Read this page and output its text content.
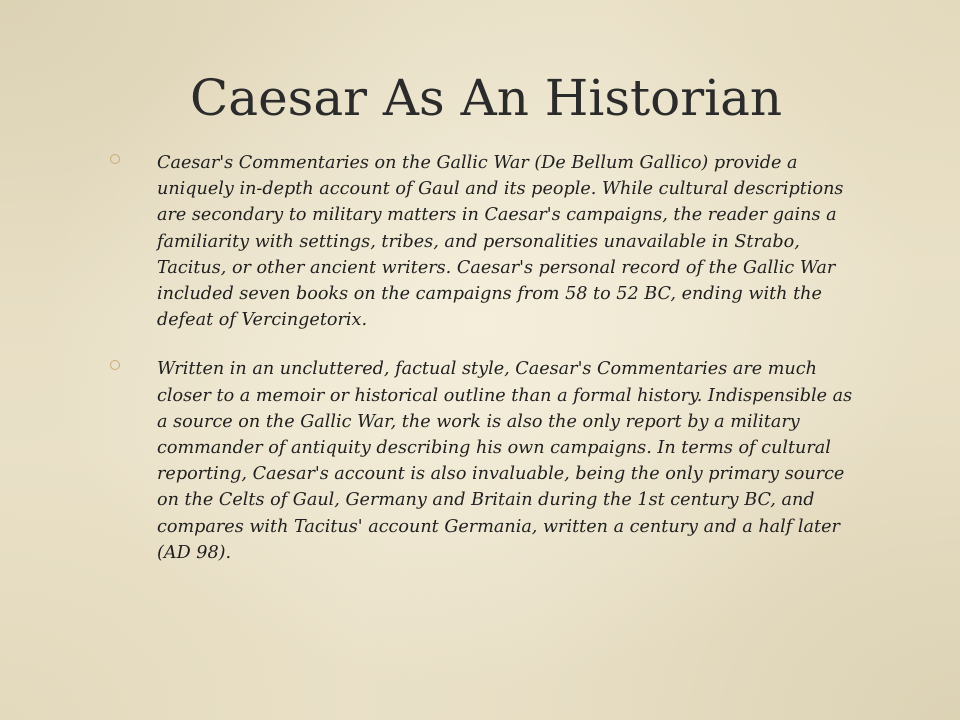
Caesar As An Historian

Caesar's Commentaries on the Gallic War (De Bellum Gallico) provide a uniquely in-depth account of Gaul and its people. While cultural descriptions are secondary to military matters in Caesar's campaigns, the reader gains a familiarity with settings, tribes, and personalities unavailable in Strabo, Tacitus, or other ancient writers. Caesar's personal record of the Gallic War included seven books on the campaigns from 58 to 52 BC, ending with the defeat of Vercingetorix.

Written in an uncluttered, factual style, Caesar's Commentaries are much closer to a memoir or historical outline than a formal history. Indispensible as a source on the Gallic War, the work is also the only report by a military commander of antiquity describing his own campaigns. In terms of cultural reporting, Caesar's account is also invaluable, being the only primary source on the Celts of Gaul, Germany and Britain during the 1st century BC, and compares with Tacitus' account Germania, written a century and a half later (AD 98).
